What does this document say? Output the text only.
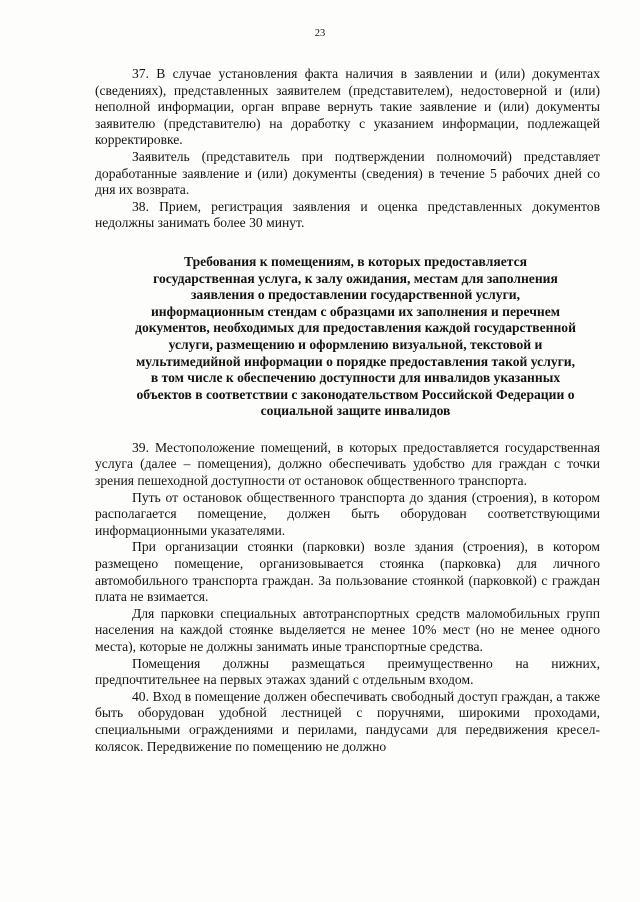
23

37. В случае установления факта наличия в заявлении и (или) документах (сведениях), представленных заявителем (представителем), недостоверной и (или) неполной информации, орган вправе вернуть такие заявление и (или) документы заявителю (представителю) на доработку с указанием информации, подлежащей корректировке.

Заявитель (представитель при подтверждении полномочий) представляет доработанные заявление и (или) документы (сведения) в течение 5 рабочих дней со дня их возврата.

38. Прием, регистрация заявления и оценка представленных документов недолжны занимать более 30 минут.

Требования к помещениям, в которых предоставляется государственная услуга, к залу ожидания, местам для заполнения заявления о предоставлении государственной услуги, информационным стендам с образцами их заполнения и перечнем документов, необходимых для предоставления каждой государственной услуги, размещению и оформлению визуальной, текстовой и мультимедийной информации о порядке предоставления такой услуги, в том числе к обеспечению доступности для инвалидов указанных объектов в соответствии с законодательством Российской Федерации о социальной защите инвалидов

39. Местоположение помещений, в которых предоставляется государственная услуга (далее – помещения), должно обеспечивать удобство для граждан с точки зрения пешеходной доступности от остановок общественного транспорта.

Путь от остановок общественного транспорта до здания (строения), в котором располагается помещение, должен быть оборудован соответствующими информационными указателями.

При организации стоянки (парковки) возле здания (строения), в котором размещено помещение, организовывается стоянка (парковка) для личного автомобильного транспорта граждан. За пользование стоянкой (парковкой) с граждан плата не взимается.

Для парковки специальных автотранспортных средств маломобильных групп населения на каждой стоянке выделяется не менее 10% мест (но не менее одного места), которые не должны занимать иные транспортные средства.

Помещения должны размещаться преимущественно на нижних, предпочтительнее на первых этажах зданий с отдельным входом.

40. Вход в помещение должен обеспечивать свободный доступ граждан, а также быть оборудован удобной лестницей с поручнями, широкими проходами, специальными ограждениями и перилами, пандусами для передвижения кресел- колясок. Передвижение по помещению не должно
